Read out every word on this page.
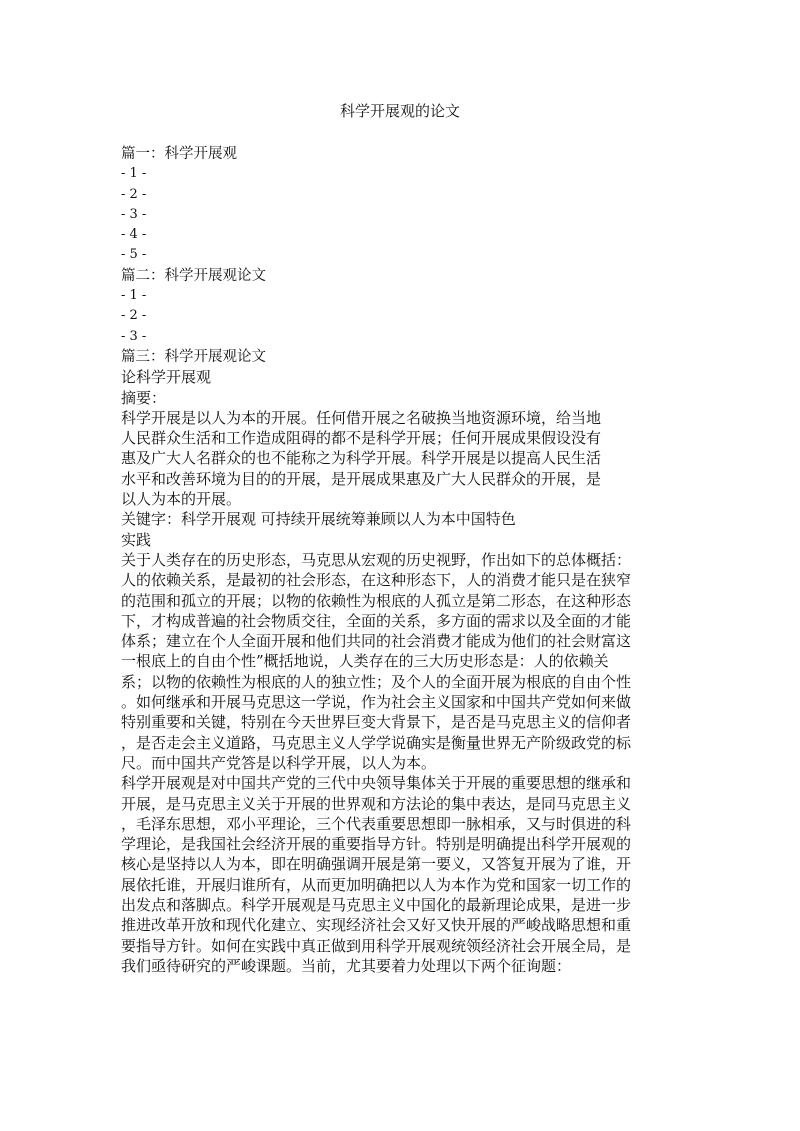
科学开展观的论文
篇一：科学开展观
- 1 -
- 2 -
- 3 -
- 4 -
- 5 -
篇二：科学开展观论文
- 1 -
- 2 -
- 3 -
篇三：科学开展观论文
论科学开展观
摘要：
科学开展是以人为本的开展。任何借开展之名破换当地资源环境，给当地
人民群众生活和工作造成阻碍的都不是科学开展；任何开展成果假设没有
惠及广大人名群众的也不能称之为科学开展。科学开展是以提高人民生活
水平和改善环境为目的的开展，是开展成果惠及广大人民群众的开展，是
以人为本的开展。
关键字：科学开展观 可持续开展统筹兼顾以人为本中国特色
实践
关于人类存在的历史形态，马克思从宏观的历史视野，作出如下的总体概括：
人的依赖关系，是最初的社会形态，在这种形态下，人的消费才能只是在狭窄
的范围和孤立的开展；以物的依赖性为根底的人孤立是第二形态，在这种形态
下，才构成普遍的社会物质交往，全面的关系，多方面的需求以及全面的才能
体系；建立在个人全面开展和他们共同的社会消费才能成为他们的社会财富这
一根底上的自由个性”概括地说，人类存在的三大历史形态是：人的依赖关
系；以物的依赖性为根底的人的独立性；及个人的全面开展为根底的自由个性
。如何继承和开展马克思这一学说，作为社会主义国家和中国共产党如何来做
特别重要和关键，特别在今天世界巨变大背景下，是否是马克思主义的信仰者
，是否走会主义道路，马克思主义人学学说确实是衡量世界无产阶级政党的标
尺。而中国共产党答是以科学开展，以人为本。
科学开展观是对中国共产党的三代中央领导集体关于开展的重要思想的继承和
开展，是马克思主义关于开展的世界观和方法论的集中表达，是同马克思主义
，毛泽东思想，邓小平理论，三个代表重要思想即一脉相承，又与时俱进的科
学理论，是我国社会经济开展的重要指导方针。特别是明确提出科学开展观的
核心是坚持以人为本，即在明确强调开展是第一要义，又答复开展为了谁，开
展依托谁，开展归谁所有，从而更加明确把以人为本作为党和国家一切工作的
出发点和落脚点。科学开展观是马克思主义中国化的最新理论成果，是进一步
推进改革开放和现代化建立、实现经济社会又好又快开展的严峻战略思想和重
要指导方针。如何在实践中真正做到用科学开展观统领经济社会开展全局，是
我们亟待研究的严峻课题。当前，尤其要着力处理以下两个征询题：
